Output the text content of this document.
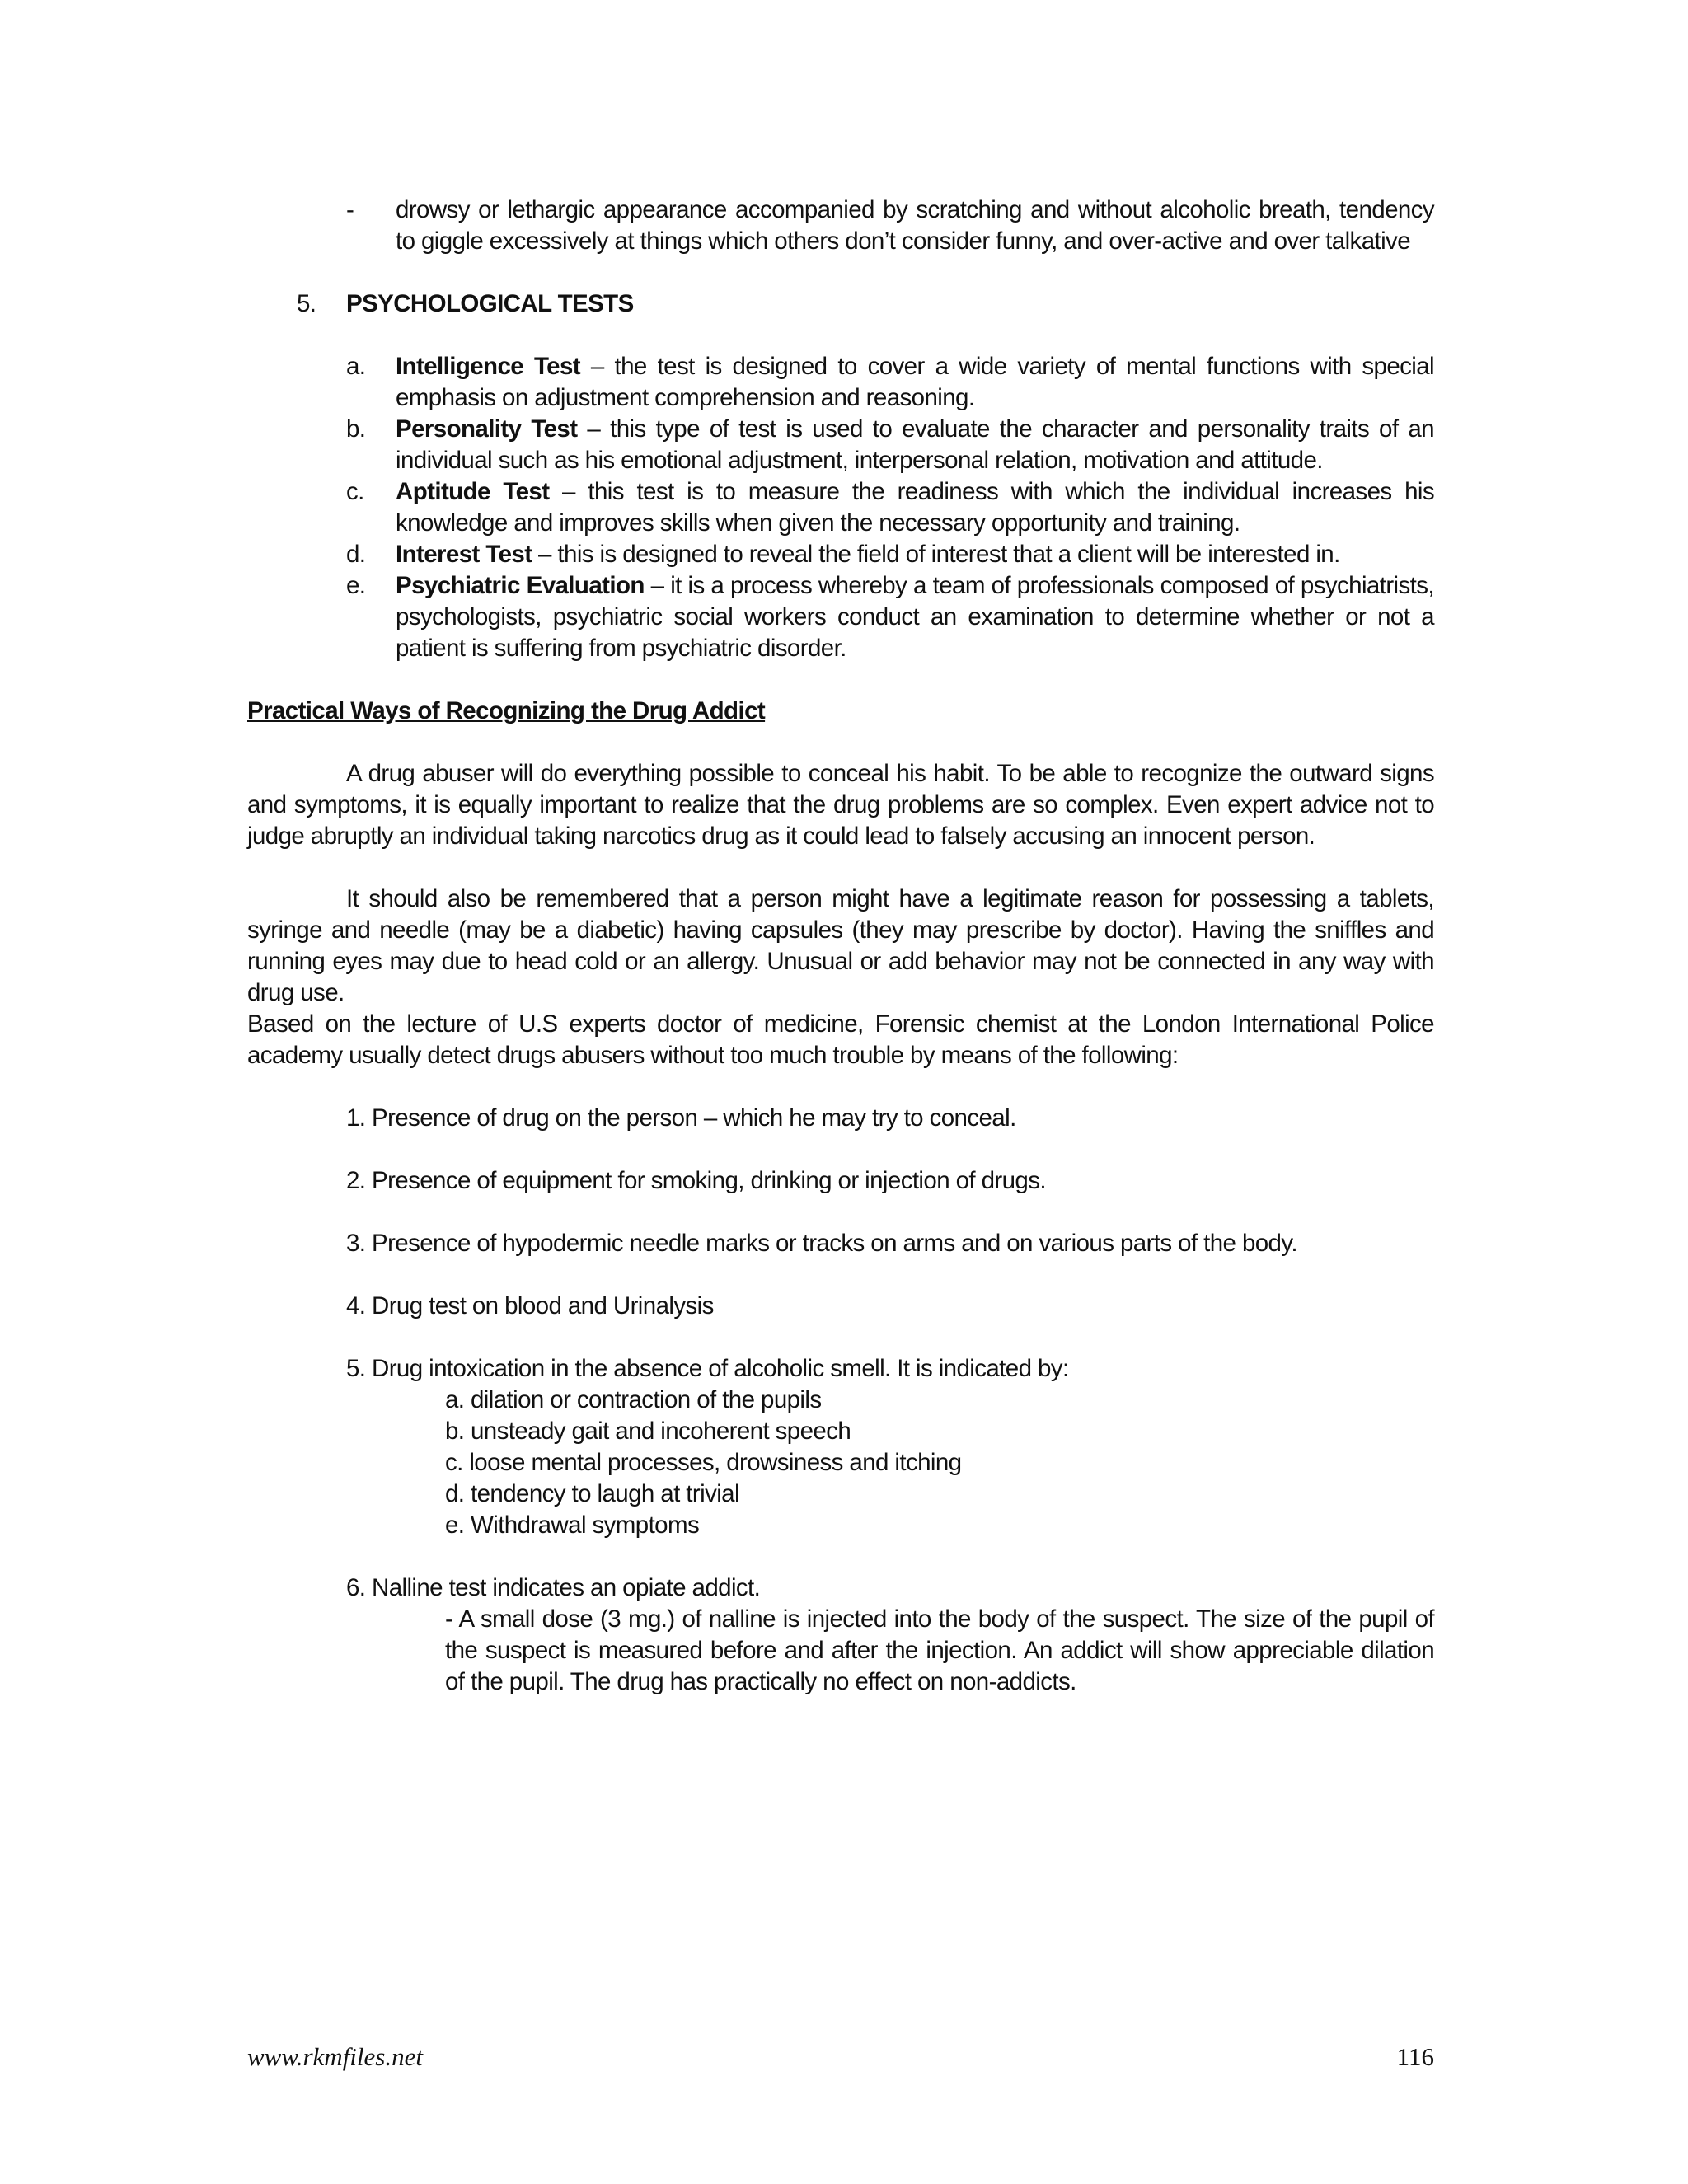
-	drowsy or lethargic appearance accompanied by scratching and without alcoholic breath, tendency to giggle excessively at things which others don’t consider funny, and over-active and over talkative
5.	PSYCHOLOGICAL TESTS
a.	Intelligence Test – the test is designed to cover a wide variety of mental functions with special emphasis on adjustment comprehension and reasoning.
b.	Personality Test – this type of test is used to evaluate the character and personality traits of an individual such as his emotional adjustment, interpersonal relation, motivation and attitude.
c.	Aptitude Test – this test is to measure the readiness with which the individual increases his knowledge and improves skills when given the necessary opportunity and training.
d.	Interest Test – this is designed to reveal the field of interest that a client will be interested in.
e.	Psychiatric Evaluation – it is a process whereby a team of professionals composed of psychiatrists, psychologists, psychiatric social workers conduct an examination to determine whether or not a patient is suffering from psychiatric disorder.
Practical Ways of Recognizing the Drug Addict
A drug abuser will do everything possible to conceal his habit. To be able to recognize the outward signs and symptoms, it is equally important to realize that the drug problems are so complex. Even expert advice not to judge abruptly an individual taking narcotics drug as it could lead to falsely accusing an innocent person.
It should also be remembered that a person might have a legitimate reason for possessing a tablets, syringe and needle (may be a diabetic) having capsules (they may prescribe by doctor). Having the sniffles and running eyes may due to head cold or an allergy. Unusual or add behavior may not be connected in any way with drug use.
Based on the lecture of U.S experts doctor of medicine, Forensic chemist at the London International Police academy usually detect drugs abusers without too much trouble by means of the following:
1. Presence of drug on the person – which he may try to conceal.
2. Presence of equipment for smoking, drinking or injection of drugs.
3. Presence of hypodermic needle marks or tracks on arms and on various parts of the body.
4. Drug test on blood and Urinalysis
5. Drug intoxication in the absence of alcoholic smell. It is indicated by:
a. dilation or contraction of the pupils
b. unsteady gait and incoherent speech
c. loose mental processes, drowsiness and itching
d. tendency to laugh at trivial
e. Withdrawal symptoms
6. Nalline test indicates an opiate addict.
- A small dose (3 mg.) of nalline is injected into the body of the suspect. The size of the pupil of the suspect is measured before and after the injection. An addict will show appreciable dilation of the pupil. The drug has practically no effect on non-addicts.
www.rkmfiles.net	116
